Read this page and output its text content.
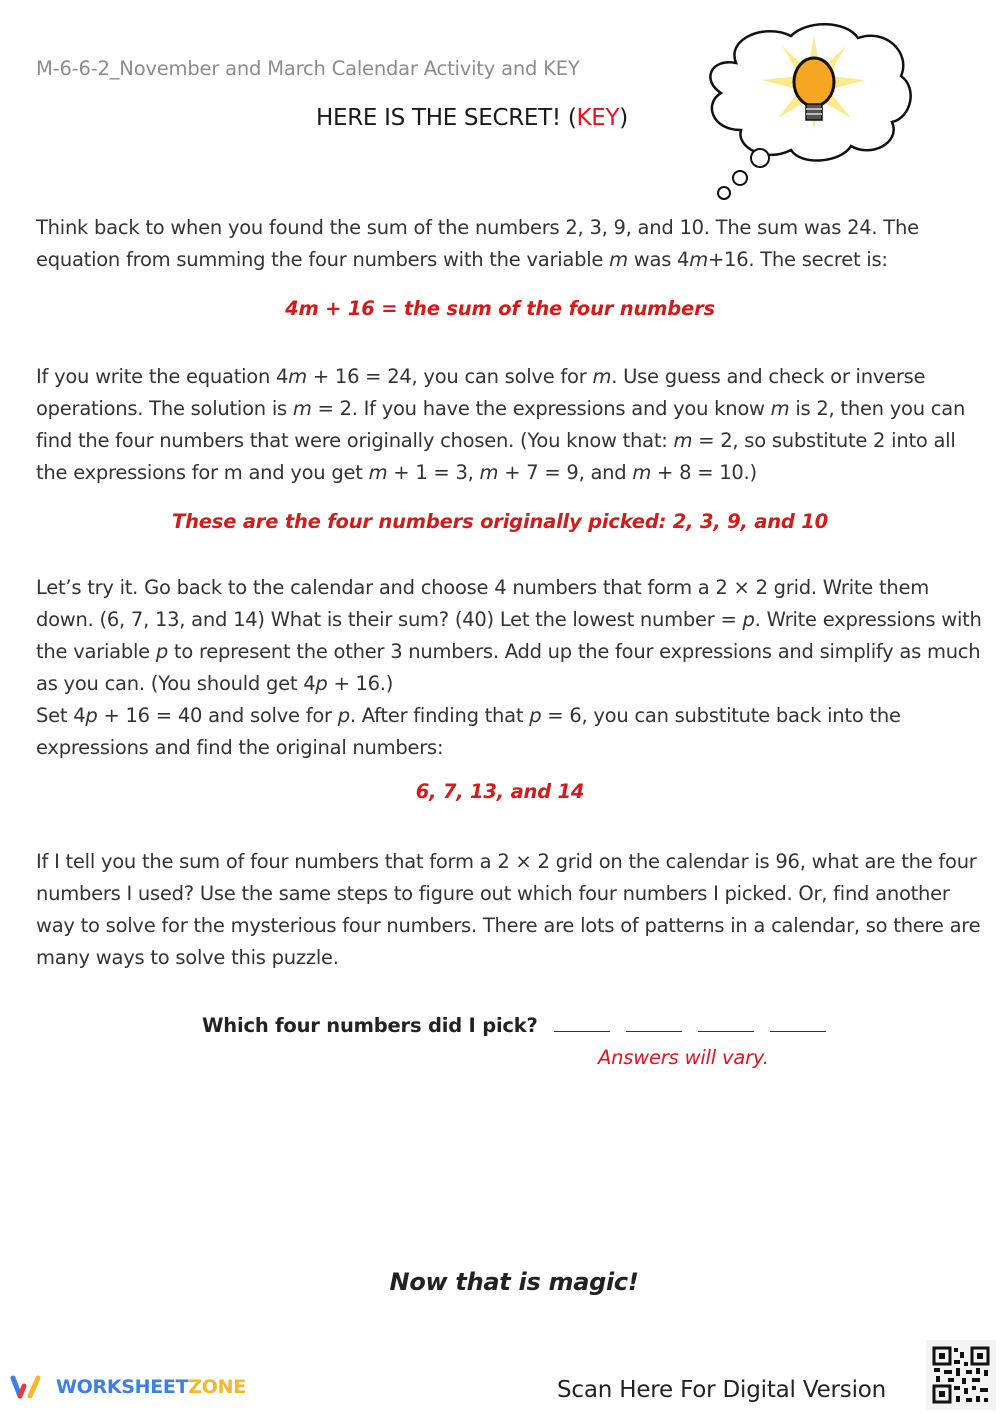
M-6-6-2_November and March Calendar Activity and KEY
HERE IS THE SECRET! (KEY)
Think back to when you found the sum of the numbers 2, 3, 9, and 10. The sum was 24. The equation from summing the four numbers with the variable m was 4m+16. The secret is:
4m + 16 = the sum of the four numbers
If you write the equation 4m + 16 = 24, you can solve for m. Use guess and check or inverse operations. The solution is m = 2. If you have the expressions and you know m is 2, then you can find the four numbers that were originally chosen. (You know that: m = 2, so substitute 2 into all the expressions for m and you get m + 1 = 3, m + 7 = 9, and m + 8 = 10.)
These are the four numbers originally picked: 2, 3, 9, and 10
Let’s try it. Go back to the calendar and choose 4 numbers that form a 2 × 2 grid. Write them down. (6, 7, 13, and 14) What is their sum? (40) Let the lowest number = p. Write expressions with the variable p to represent the other 3 numbers. Add up the four expressions and simplify as much as you can. (You should get 4p + 16.)
Set 4p + 16 = 40 and solve for p. After finding that p = 6, you can substitute back into the expressions and find the original numbers:
6, 7, 13, and 14
If I tell you the sum of four numbers that form a 2 × 2 grid on the calendar is 96, what are the four numbers I used? Use the same steps to figure out which four numbers I picked. Or, find another way to solve for the mysterious four numbers. There are lots of patterns in a calendar, so there are many ways to solve this puzzle.
Which four numbers did I pick?
Answers will vary.
Now that is magic!
WORKSHEETZONE	Scan Here For Digital Version
